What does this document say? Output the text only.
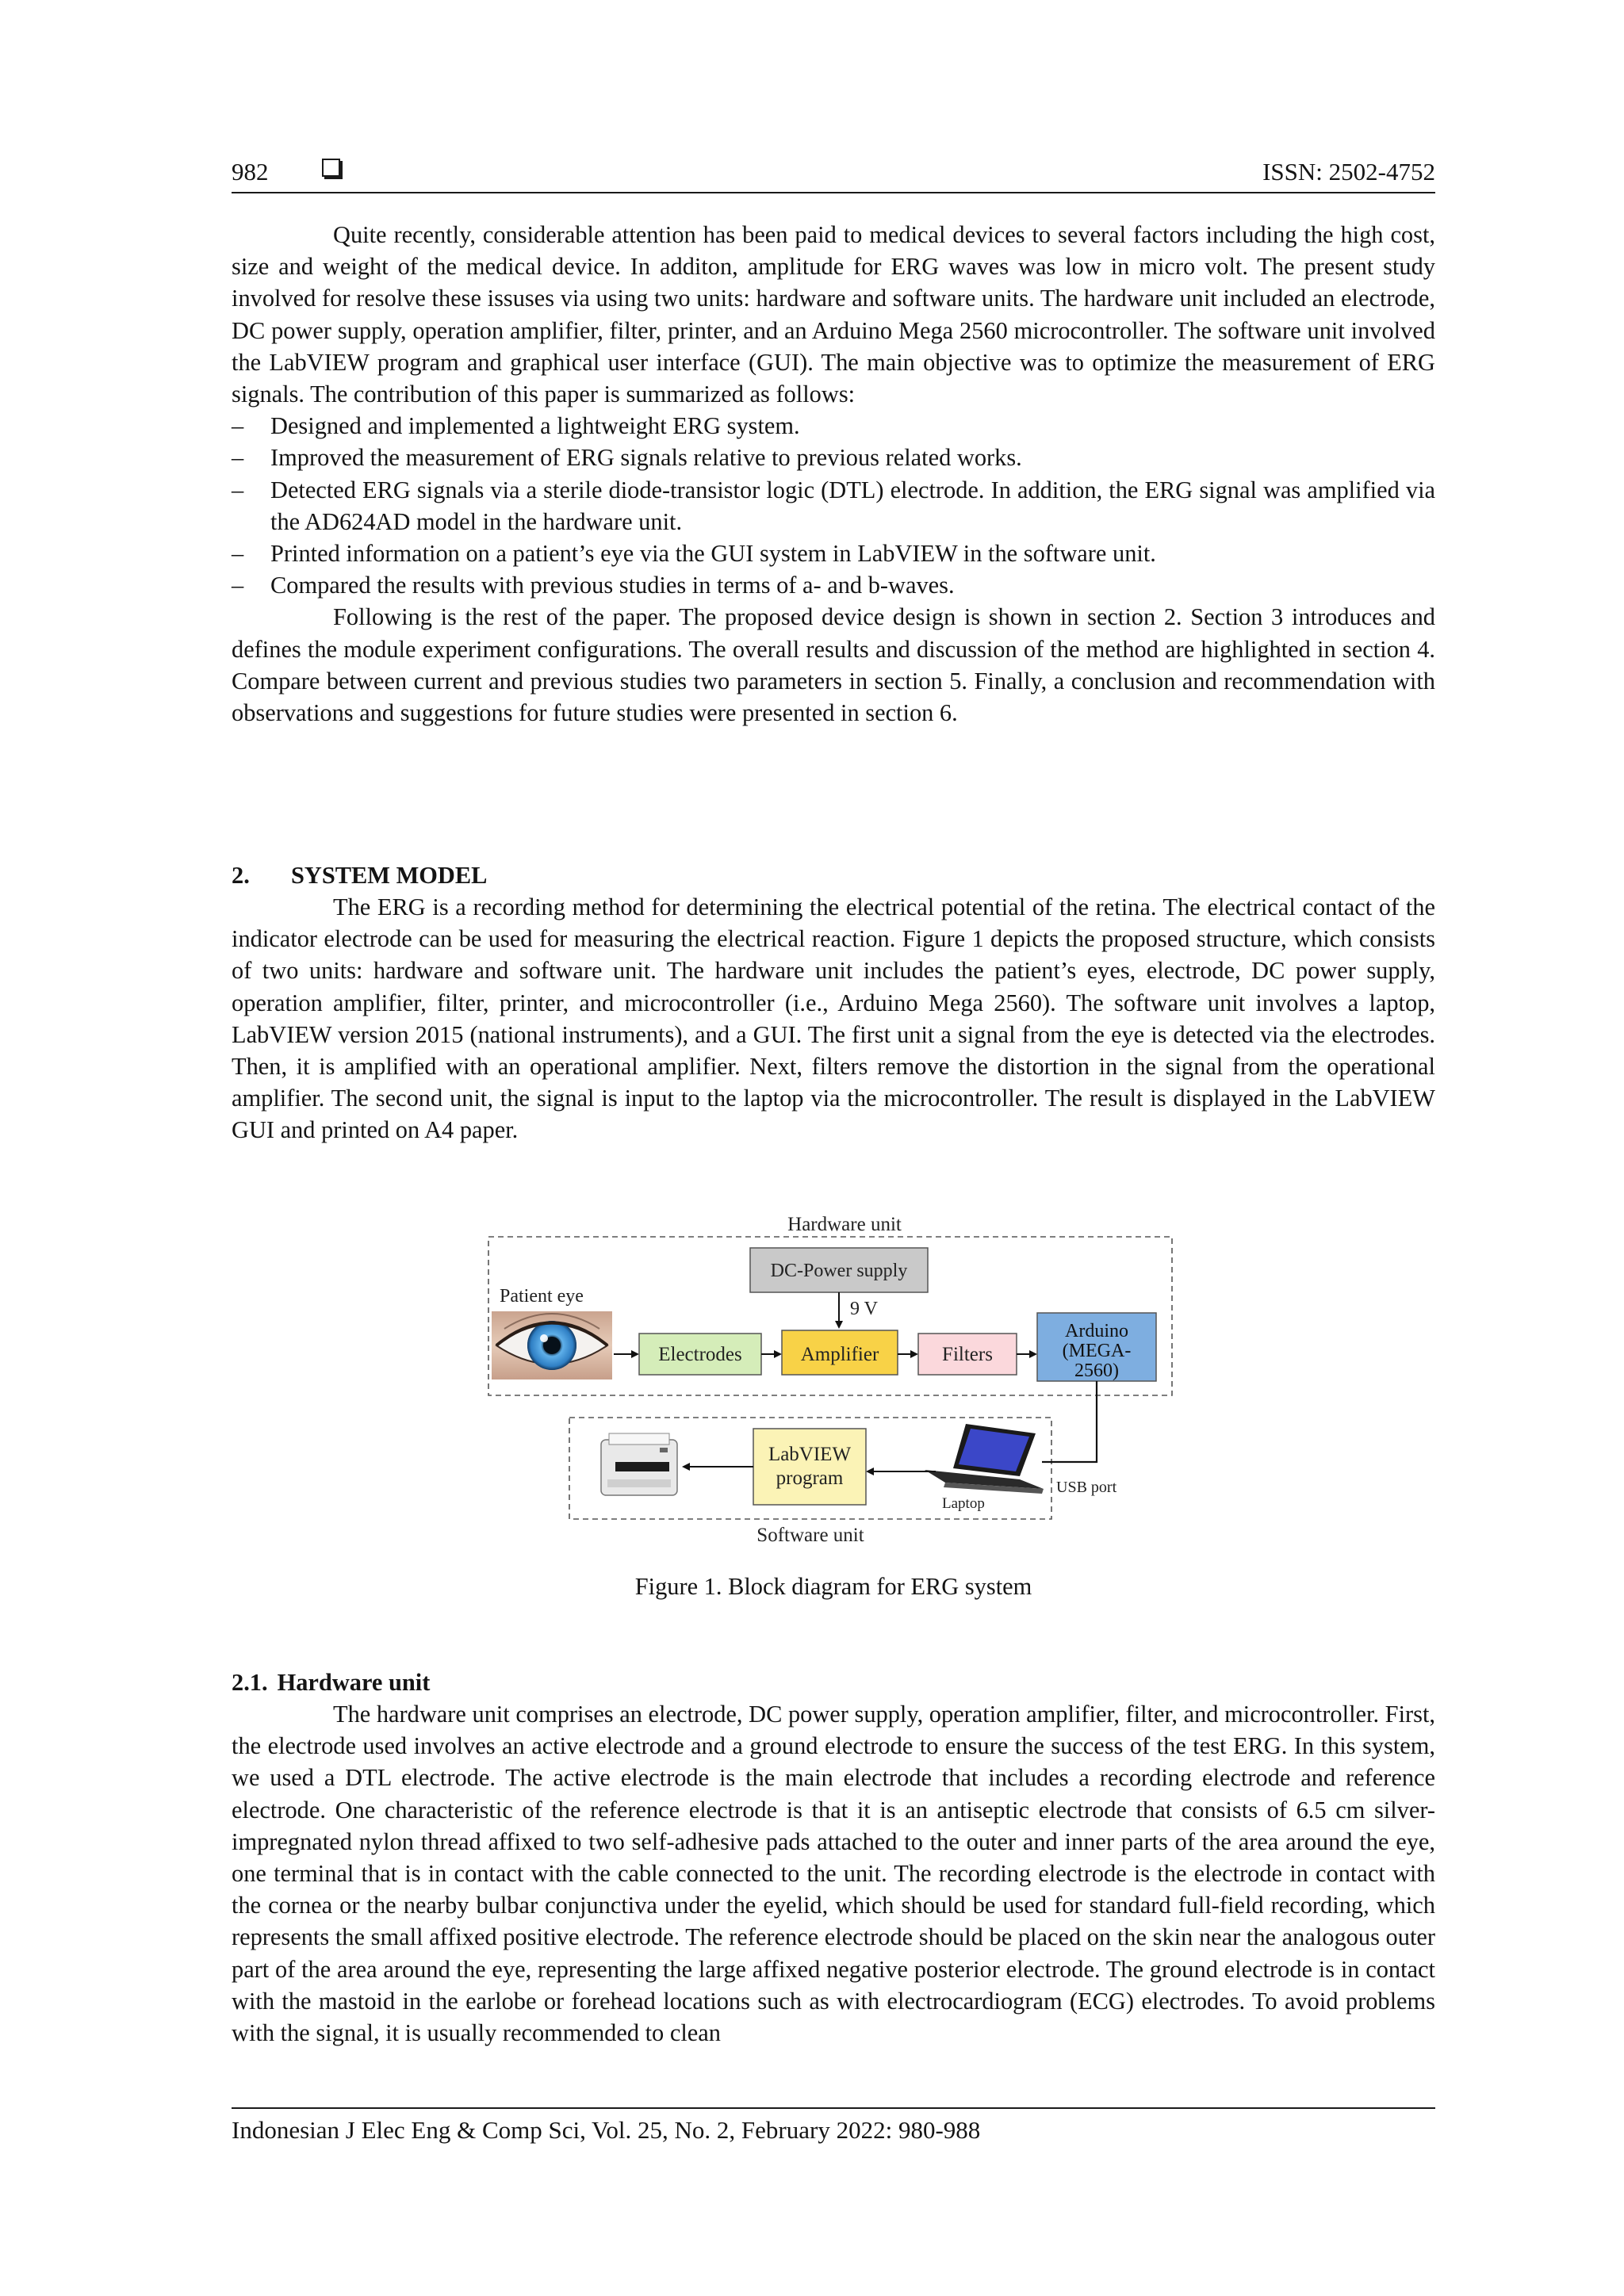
982	ISSN: 2502-4752

Quite recently, considerable attention has been paid to medical devices to several factors including the high cost, size and weight of the medical device. In additon, amplitude for ERG waves was low in micro volt. The present study involved for resolve these issuses via using two units: hardware and software units. The hardware unit included an electrode, DC power supply, operation amplifier, filter, printer, and an Arduino Mega 2560 microcontroller. The software unit involved the LabVIEW program and graphical user interface (GUI). The main objective was to optimize the measurement of ERG signals. The contribution of this paper is summarized as follows:

– Designed and implemented a lightweight ERG system.
– Improved the measurement of ERG signals relative to previous related works.
– Detected ERG signals via a sterile diode-transistor logic (DTL) electrode. In addition, the ERG signal was amplified via the AD624AD model in the hardware unit.
– Printed information on a patient’s eye via the GUI system in LabVIEW in the software unit.
– Compared the results with previous studies in terms of a- and b-waves.

Following is the rest of the paper. The proposed device design is shown in section 2. Section 3 introduces and defines the module experiment configurations. The overall results and discussion of the method are highlighted in section 4. Compare between current and previous studies two parameters in section 5. Finally, a conclusion and recommendation with observations and suggestions for future studies were presented in section 6.

2. SYSTEM MODEL

The ERG is a recording method for determining the electrical potential of the retina. The electrical contact of the indicator electrode can be used for measuring the electrical reaction. Figure 1 depicts the proposed structure, which consists of two units: hardware and software unit. The hardware unit includes the patient’s eyes, electrode, DC power supply, operation amplifier, filter, printer, and microcontroller (i.e., Arduino Mega 2560). The software unit involves a laptop, LabVIEW version 2015 (national instruments), and a GUI. The first unit a signal from the eye is detected via the electrodes. Then, it is amplified with an operational amplifier. Next, filters remove the distortion in the signal from the operational amplifier. The second unit, the signal is input to the laptop via the microcontroller. The result is displayed in the LabVIEW GUI and printed on A4 paper.

Hardware unit
DC-Power supply
9 V
Patient eye
Electrodes	Amplifier	Filters
Arduino
(MEGA-
2560)
USB port
Laptop
LabVIEW
program
Software unit
Figure 1. Block diagram for ERG system
2.1. Hardware unit

The hardware unit comprises an electrode, DC power supply, operation amplifier, filter, and microcontroller. First, the electrode used involves an active electrode and a ground electrode to ensure the success of the test ERG. In this system, we used a DTL electrode. The active electrode is the main electrode that includes a recording electrode and reference electrode. One characteristic of the reference electrode is that it is an antiseptic electrode that consists of 6.5 cm silver-impregnated nylon thread affixed to two self-adhesive pads attached to the outer and inner parts of the area around the eye, one terminal that is in contact with the cable connected to the unit. The recording electrode is the electrode in contact with the cornea or the nearby bulbar conjunctiva under the eyelid, which should be used for standard full-field recording, which represents the small affixed positive electrode. The reference electrode should be placed on the skin near the analogous outer part of the area around the eye, representing the large affixed negative posterior electrode. The ground electrode is in contact with the mastoid in the earlobe or forehead locations such as with electrocardiogram (ECG) electrodes. To avoid problems with the signal, it is usually recommended to clean

Indonesian J Elec Eng & Comp Sci, Vol. 25, No. 2, February 2022: 980-988
